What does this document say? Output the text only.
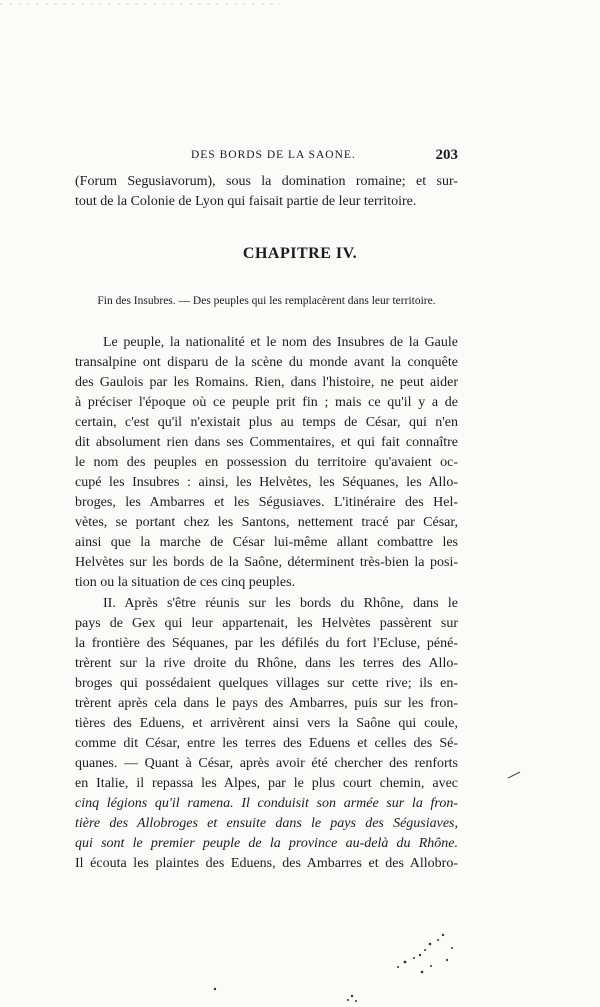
DES BORDS DE LA SAONE.	203
(Forum Segusiavorum), sous la domination romaine; et sur-
tout de la Colonie de Lyon qui faisait partie de leur territoire.
CHAPITRE IV.
Fin des Insubres. — Des peuples qui les remplacèrent dans leur territoire.
Le peuple, la nationalité et le nom des Insubres de la Gaule
transalpine ont disparu de la scène du monde avant la conquête
des Gaulois par les Romains. Rien, dans l'histoire, ne peut aider
à préciser l'époque où ce peuple prit fin ; mais ce qu'il y a de
certain, c'est qu'il n'existait plus au temps de César, qui n'en
dit absolument rien dans ses Commentaires, et qui fait connaître
le nom des peuples en possession du territoire qu'avaient oc-
cupé les Insubres : ainsi, les Helvètes, les Séquanes, les Allo-
broges, les Ambarres et les Ségusiaves. L'itinéraire des Hel-
vètes, se portant chez les Santons, nettement tracé par César,
ainsi que la marche de César lui-même allant combattre les
Helvètes sur les bords de la Saône, déterminent très-bien la posi-
tion ou la situation de ces cinq peuples.
II. Après s'être réunis sur les bords du Rhône, dans le
pays de Gex qui leur appartenait, les Helvètes passèrent sur
la frontière des Séquanes, par les défilés du fort l'Ecluse, péné-
trèrent sur la rive droite du Rhône, dans les terres des Allo-
broges qui possédaient quelques villages sur cette rive; ils en-
trèrent après cela dans le pays des Ambarres, puis sur les fron-
tières des Eduens, et arrivèrent ainsi vers la Saône qui coule,
comme dit César, entre les terres des Eduens et celles des Sé-
quanes. — Quant à César, après avoir été chercher des renforts
en Italie, il repassa les Alpes, par le plus court chemin, avec
cinq légions qu'il ramena. Il conduisit son armée sur la fron-
tière des Allobroges et ensuite dans le pays des Ségusiaves,
qui sont le premier peuple de la province au-delà du Rhône.
Il écouta les plaintes des Eduens, des Ambarres et des Allobro-
